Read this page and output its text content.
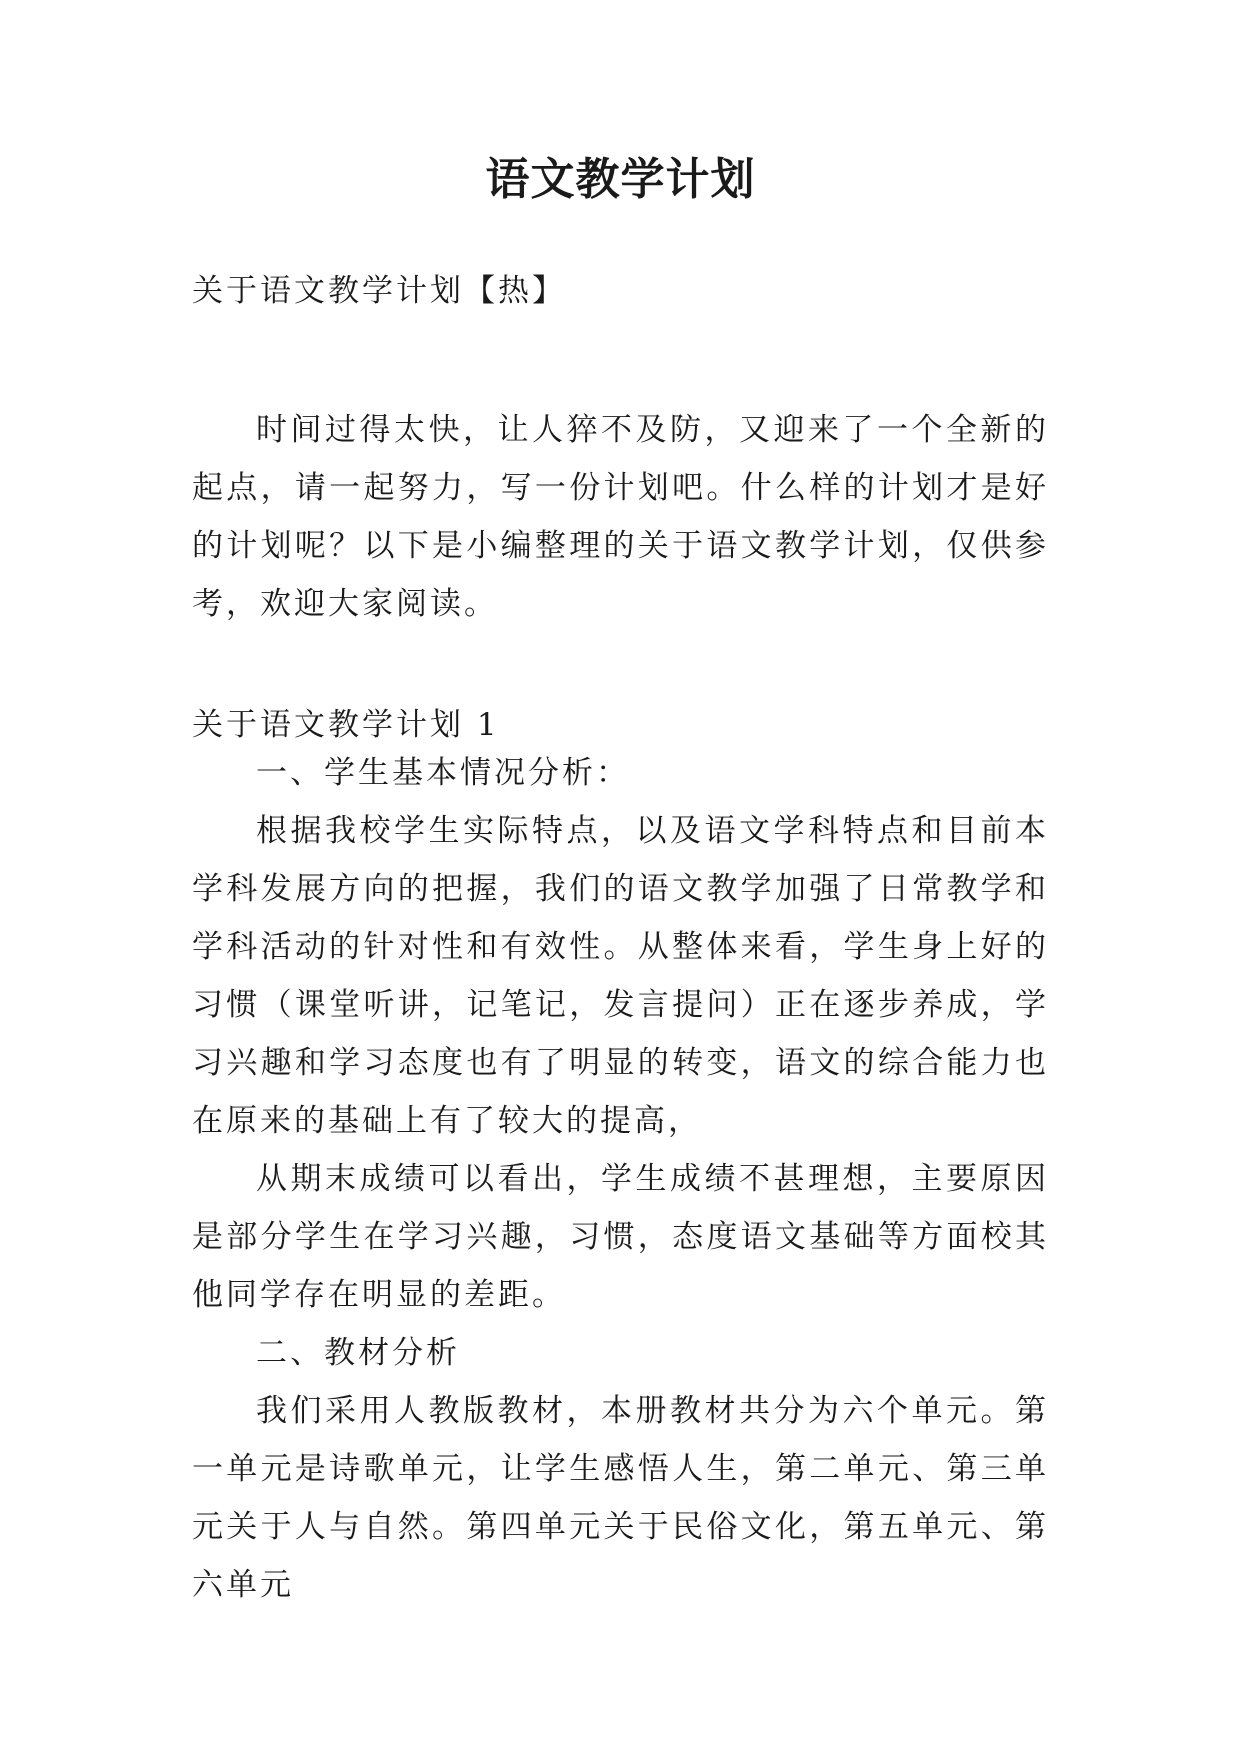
语文教学计划
关于语文教学计划【热】

时间过得太快，让人猝不及防，又迎来了一个全新的起点，请一起努力，写一份计划吧。什么样的计划才是好的计划呢？以下是小编整理的关于语文教学计划，仅供参考，欢迎大家阅读。

关于语文教学计划 1

一、学生基本情况分析：

根据我校学生实际特点，以及语文学科特点和目前本学科发展方向的把握，我们的语文教学加强了日常教学和学科活动的针对性和有效性。从整体来看，学生身上好的习惯（课堂听讲，记笔记，发言提问）正在逐步养成，学习兴趣和学习态度也有了明显的转变，语文的综合能力也在原来的基础上有了较大的提高，

从期末成绩可以看出，学生成绩不甚理想，主要原因是部分学生在学习兴趣，习惯，态度语文基础等方面校其他同学存在明显的差距。

二、教材分析

我们采用人教版教材，本册教材共分为六个单元。第一单元是诗歌单元，让学生感悟人生，第二单元、第三单元关于人与自然。第四单元关于民俗文化，第五单元、第六单元
